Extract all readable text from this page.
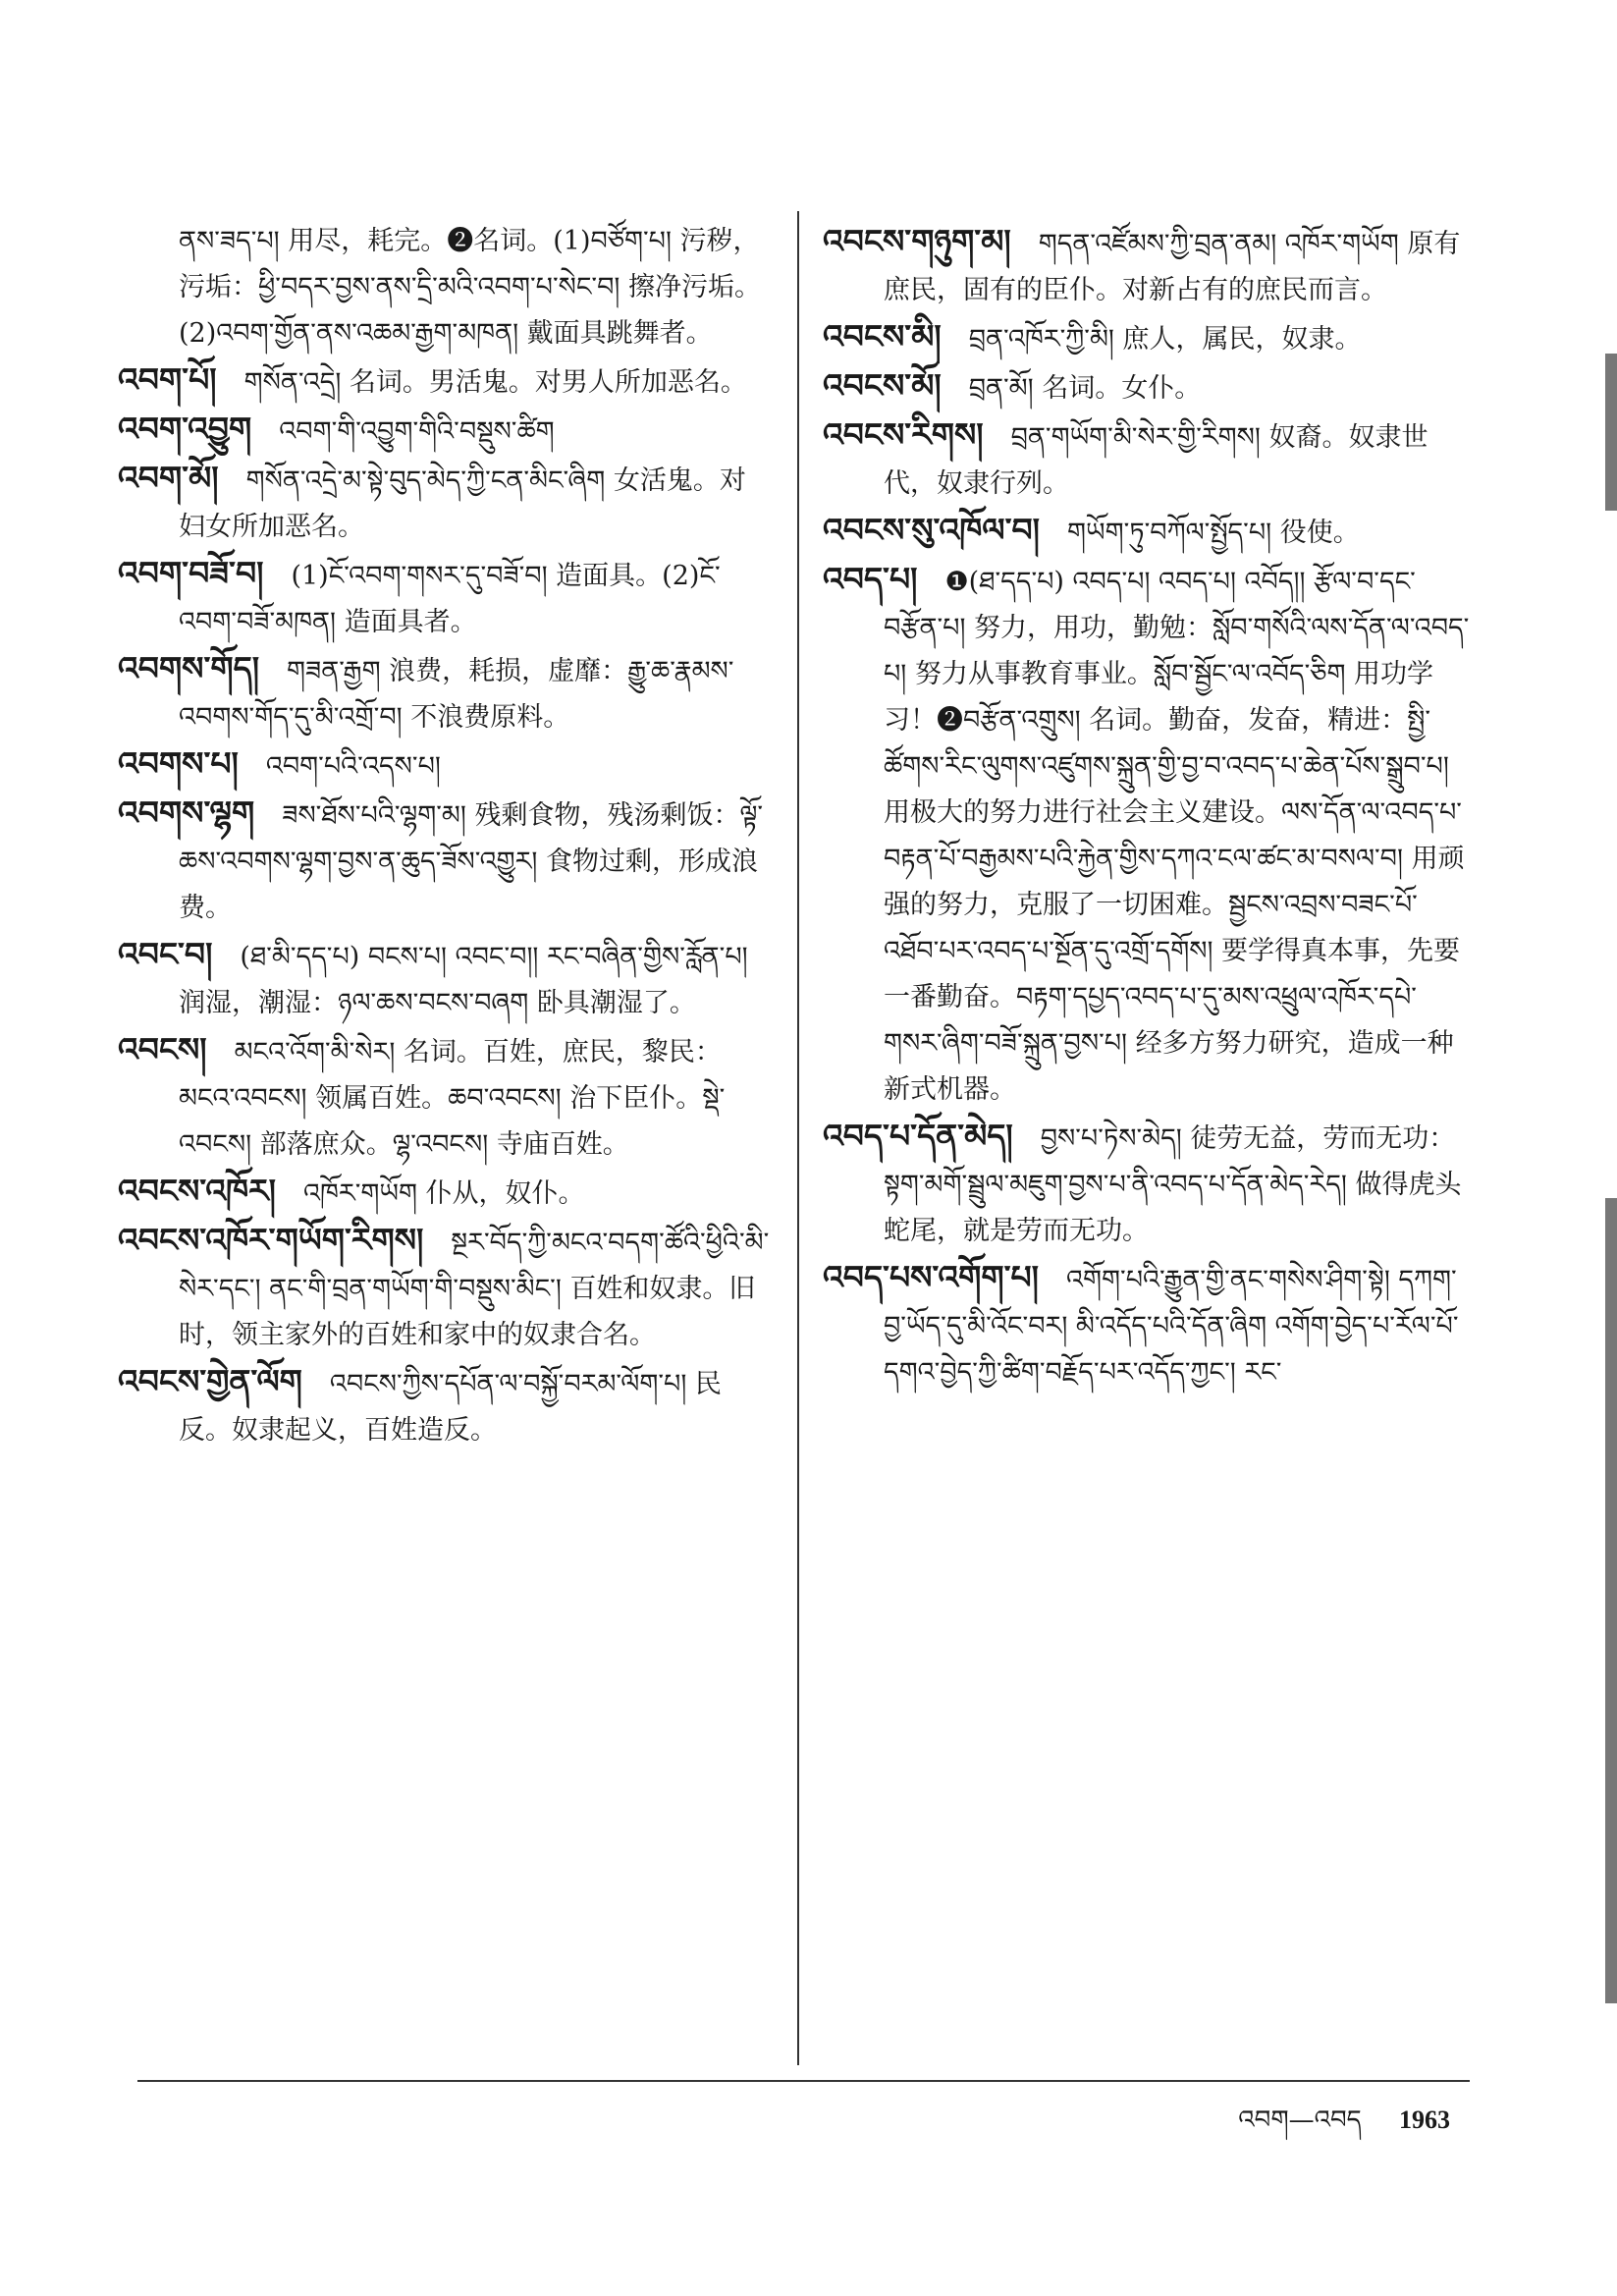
ནས་ཟད་པ། 用尽，耗完。❷名词。(1)བཙོག་པ། 污秽，污垢：ཕྱི་བདར་བྱས་ནས་དྲི་མའི་འབག་པ་སེང་བ། 擦净污垢。(2)འབག་གྱོན་ནས་འཆམ་རྒྱག་མཁན། 戴面具跳舞者。
འབག་པོ། གསོན་འདྲེ། 名词。男活鬼。对男人所加恶名。
འབག་འབྱུག འབག་གི་འབྱུག་གིའི་བསྡུས་ཚིག
འབག་མོ། གསོན་འདྲེ་མ་སྟེ་བུད་མེད་ཀྱི་ངན་མིང་ཞིག 女活鬼。对妇女所加恶名。
འབག་བཟོ་བ། (1)ངོ་འབག་གསར་དུ་བཟོ་བ། 造面具。(2)ངོ་འབག་བཟོ་མཁན། 造面具者。
འབགས་གོད། གཟན་རྒྱག 浪费，耗损，虚靡：རྒྱུ་ཆ་རྣམས་འབགས་གོད་དུ་མི་འགྲོ་བ། 不浪费原料。
འབགས་པ། འབག་པའི་འདས་པ།
འབགས་ལྷག ཟས་ཐོས་པའི་ལྷག་མ། 残剩食物，残汤剩饭：ལྟོ་ཆས་འབགས་ལྷག་བྱས་ན་ཆུད་ཟོས་འགྱུར། 食物过剩，形成浪费。
འབང་བ། (ཐ་མི་དད་པ) བངས་པ། འབང་བ།། རང་བཞིན་གྱིས་རློན་པ། 润湿，潮湿：ཉལ་ཆས་བངས་བཞག 卧具潮湿了。
འབངས། མངའ་འོག་མི་སེར། 名词。百姓，庶民，黎民：མངའ་འབངས། 领属百姓。ཆབ་འབངས། 治下臣仆。སྡེ་འབངས། 部落庶众。ལྷ་འབངས། 寺庙百姓。
འབངས་འཁོར། འཁོར་གཡོག 仆从，奴仆。
འབངས་འཁོར་གཡོག་རིགས། སྔར་བོད་ཀྱི་མངའ་བདག་ཚོའི་ཕྱིའི་མི་སེར་དང་། ནང་གི་བྲན་གཡོག་གི་བསྡུས་མིང་། 百姓和奴隶。旧时，领主家外的百姓和家中的奴隶合名。
འབངས་གྱེན་ལོག འབངས་ཀྱིས་དཔོན་ལ་བསྐྱོ་བརམ་ལོག་པ། 民反。奴隶起义，百姓造反。
འབངས་གཉུག་མ། གདན་འཛོམས་ཀྱི་བྲན་ནམ། འཁོར་གཡོག 原有庶民，固有的臣仆。对新占有的庶民而言。
འབངས་མི། བྲན་འཁོར་ཀྱི་མི། 庶人，属民，奴隶。
འབངས་མོ། བྲན་མོ། 名词。女仆。
འབངས་རིགས། བྲན་གཡོག་མི་སེར་གྱི་རིགས། 奴裔。奴隶世代，奴隶行列。
འབངས་སུ་འཁོལ་བ། གཡོག་ཏུ་བཀོལ་སྤྱོད་པ། 役使。
འབད་པ། ❶(ཐ་དད་པ) འབད་པ། འབད་པ། འབོད།། རྩོལ་བ་དང་བརྩོན་པ། 努力，用功，勤勉：སློབ་གསོའི་ལས་དོན་ལ་འབད་པ། 努力从事教育事业。སློབ་སྦྱོང་ལ་འབོད་ཅིག 用功学习！❷བརྩོན་འགྲུས། 名词。勤奋，发奋，精进：སྤྱི་ཚོགས་རིང་ལུགས་འཛུགས་སྐྲུན་གྱི་བྱ་བ་འབད་པ་ཆེན་པོས་སྒྲུབ་པ། 用极大的努力进行社会主义建设。ལས་དོན་ལ་འབད་པ་བརྟན་པོ་བརྒྱམས་པའི་རྐྱེན་གྱིས་དཀའ་ངལ་ཚང་མ་བསལ་བ། 用顽强的努力，克服了一切困难。སྦྱངས་འབྲས་བཟང་པོ་འཐོབ་པར་འབད་པ་སྔོན་དུ་འགྲོ་དགོས། 要学得真本事，先要一番勤奋。བརྟག་དཔྱད་འབད་པ་དུ་མས་འཕྲུལ་འཁོར་དཔེ་གསར་ཞིག་བཟོ་སྐྲུན་བྱས་པ། 经多方努力研究，造成一种新式机器。
འབད་པ་དོན་མེད། བྱས་པ་ཏེས་མེད། 徒劳无益，劳而无功：སྟག་མགོ་སྦྲུལ་མཇུག་བྱས་པ་ནི་འབད་པ་དོན་མེད་རེད། 做得虎头蛇尾，就是劳而无功。
འབད་པས་འགོག་པ། འགོག་པའི་རྒྱུན་གྱི་ནང་གསེས་ཤིག་སྟེ། དཀག་བྱ་ཡོད་དུ་མི་འོང་བར། མི་འདོད་པའི་དོན་ཞིག འགོག་བྱེད་པ་རོལ་པོ་དགའ་བྱེད་ཀྱི་ཚིག་བརྗོད་པར་འདོད་ཀྱང་། རང་
འབག—འབད 1963
